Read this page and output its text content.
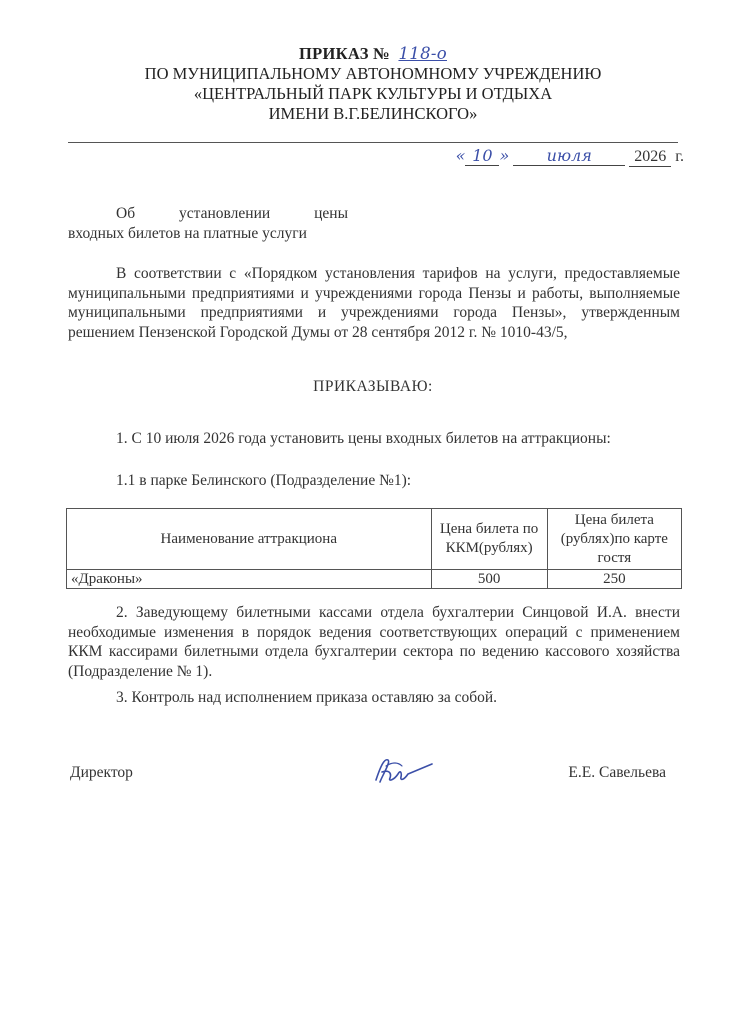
ПРИКАЗ № 118-о
ПО МУНИЦИПАЛЬНОМУ АВТОНОМНОМУ УЧРЕЖДЕНИЮ
«ЦЕНТРАЛЬНЫЙ ПАРК КУЛЬТУРЫ И ОТДЫХА
ИМЕНИ В.Г.БЕЛИНСКОГО»
« 10 » июля	2026 г.
Об	установлении	цены
входных билетов на платные услуги
В соответствии с «Порядком установления тарифов на услуги, предоставляемые муниципальными предприятиями и учреждениями города Пензы и работы, выполняемые муниципальными предприятиями и учреждениями города Пензы», утвержденным решением Пензенской Городской Думы от 28 сентября 2012 г. № 1010-43/5,
ПРИКАЗЫВАЮ:
1. С 10 июля 2026 года установить цены входных билетов на аттракционы:
1.1 в парке Белинского (Подразделение №1):
Наименование аттракциона	Цена билета по ККМ(рублях)	Цена билета (рублях)по карте гостя
«Драконы»	500	250
2. Заведующему билетными кассами отдела бухгалтерии Синцовой И.А. внести необходимые изменения в порядок ведения соответствующих операций с применением ККМ кассирами билетными отдела бухгалтерии сектора по ведению кассового хозяйства (Подразделение № 1).
3. Контроль над исполнением приказа оставляю за собой.
Директор	Е.Е. Савельева
